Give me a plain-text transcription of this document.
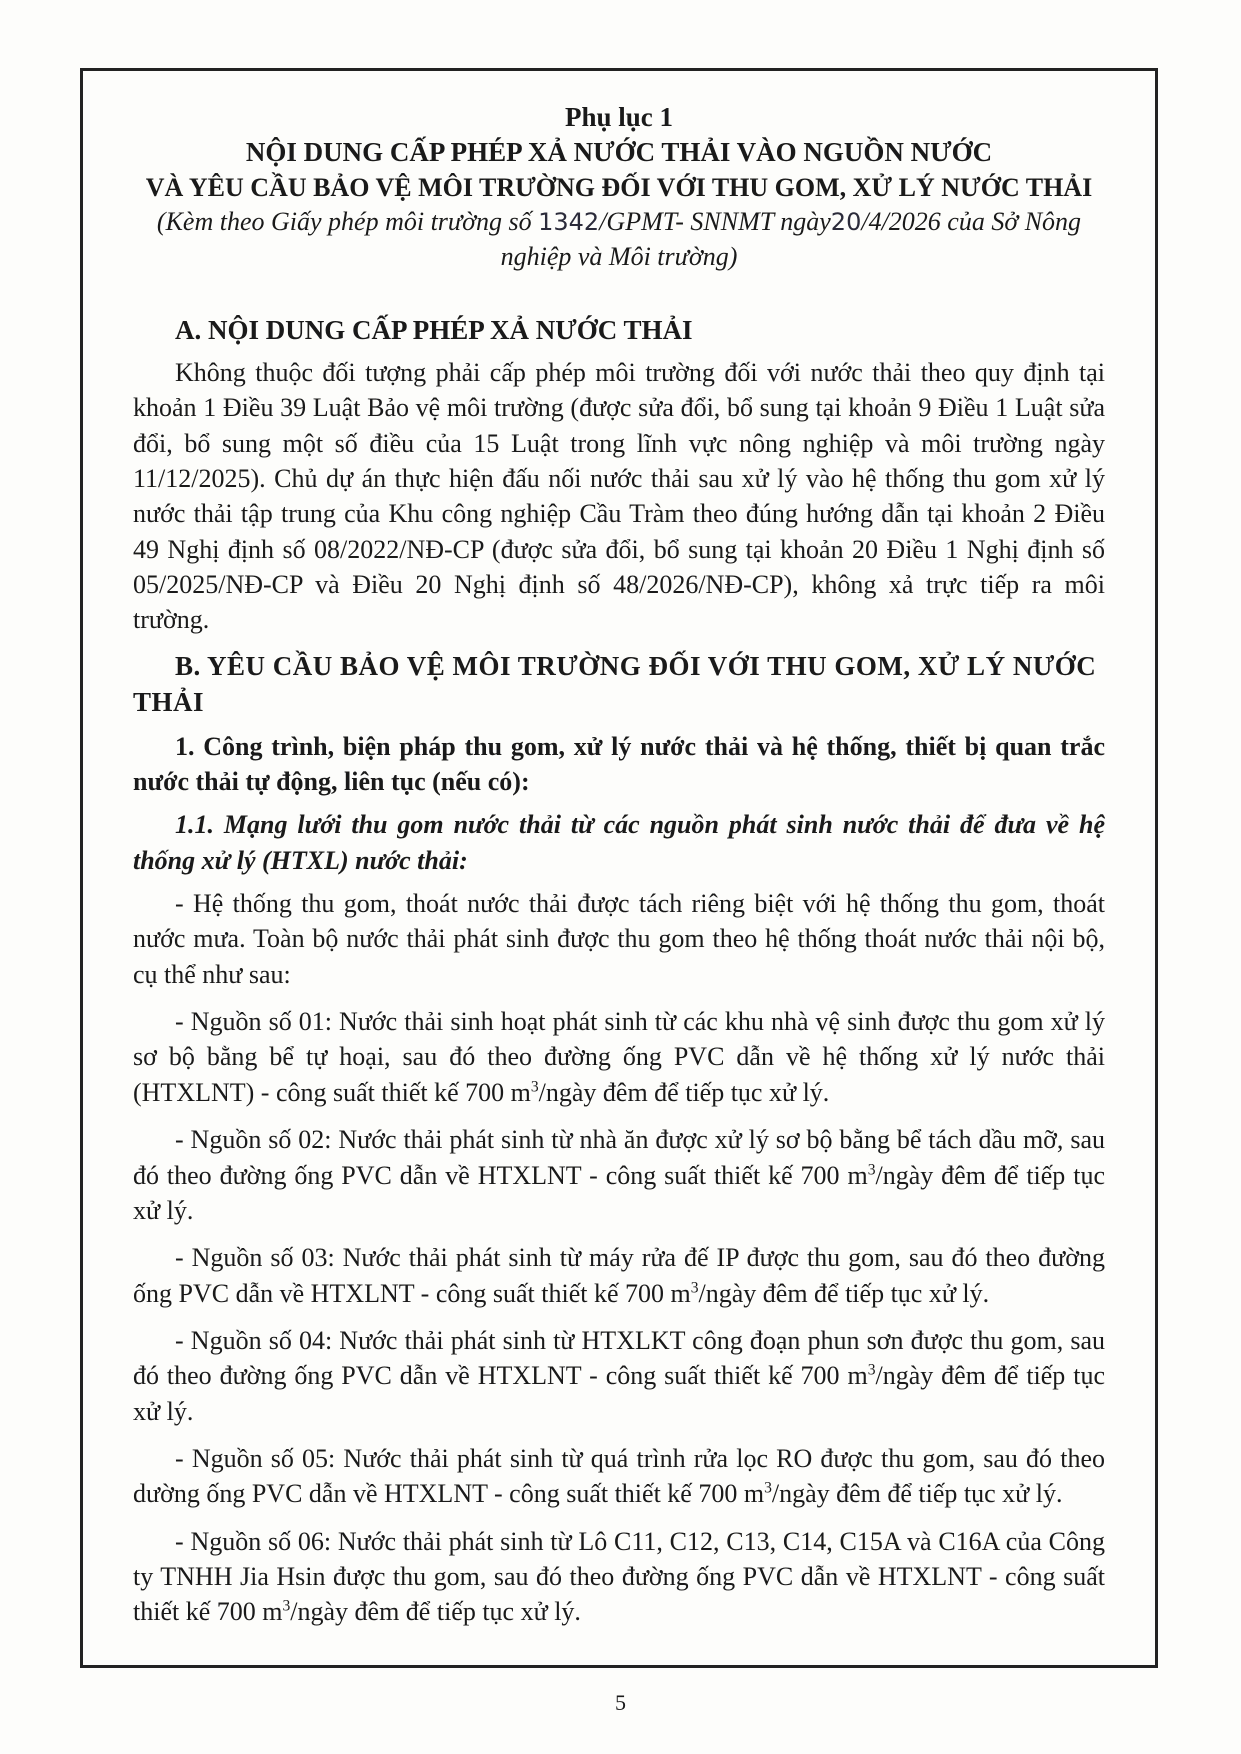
Phụ lục 1

NỘI DUNG CẤP PHÉP XẢ NƯỚC THẢI VÀO NGUỒN NƯỚC

VÀ YÊU CẦU BẢO VỆ MÔI TRƯỜNG ĐỐI VỚI THU GOM, XỬ LÝ NƯỚC THẢI

(Kèm theo Giấy phép môi trường số 1342/GPMT- SNNMT ngày20/4/2026 của Sở Nông nghiệp và Môi trường)

A. NỘI DUNG CẤP PHÉP XẢ NƯỚC THẢI

Không thuộc đối tượng phải cấp phép môi trường đối với nước thải theo quy định tại khoản 1 Điều 39 Luật Bảo vệ môi trường (được sửa đổi, bổ sung tại khoản 9 Điều 1 Luật sửa đổi, bổ sung một số điều của 15 Luật trong lĩnh vực nông nghiệp và môi trường ngày 11/12/2025). Chủ dự án thực hiện đấu nối nước thải sau xử lý vào hệ thống thu gom xử lý nước thải tập trung của Khu công nghiệp Cầu Tràm theo đúng hướng dẫn tại khoản 2 Điều 49 Nghị định số 08/2022/NĐ-CP (được sửa đổi, bổ sung tại khoản 20 Điều 1 Nghị định số 05/2025/NĐ-CP và Điều 20 Nghị định số 48/2026/NĐ-CP), không xả trực tiếp ra môi trường.

B. YÊU CẦU BẢO VỆ MÔI TRƯỜNG ĐỐI VỚI THU GOM, XỬ LÝ NƯỚC THẢI

1. Công trình, biện pháp thu gom, xử lý nước thải và hệ thống, thiết bị quan trắc nước thải tự động, liên tục (nếu có):

1.1. Mạng lưới thu gom nước thải từ các nguồn phát sinh nước thải để đưa về hệ thống xử lý (HTXL) nước thải:

- Hệ thống thu gom, thoát nước thải được tách riêng biệt với hệ thống thu gom, thoát nước mưa. Toàn bộ nước thải phát sinh được thu gom theo hệ thống thoát nước thải nội bộ, cụ thể như sau:

- Nguồn số 01: Nước thải sinh hoạt phát sinh từ các khu nhà vệ sinh được thu gom xử lý sơ bộ bằng bể tự hoại, sau đó theo đường ống PVC dẫn về hệ thống xử lý nước thải (HTXLNT) - công suất thiết kế 700 $m^3$/ngày đêm để tiếp tục xử lý.

- Nguồn số 02: Nước thải phát sinh từ nhà ăn được xử lý sơ bộ bằng bể tách dầu mỡ, sau đó theo đường ống PVC dẫn về HTXLNT - công suất thiết kế 700 $m^3$/ngày đêm để tiếp tục xử lý.

- Nguồn số 03: Nước thải phát sinh từ máy rửa đế IP được thu gom, sau đó theo đường ống PVC dẫn về HTXLNT - công suất thiết kế 700 $m^3$/ngày đêm để tiếp tục xử lý.

- Nguồn số 04: Nước thải phát sinh từ HTXLKT công đoạn phun sơn được thu gom, sau đó theo đường ống PVC dẫn về HTXLNT - công suất thiết kế 700 $m^3$/ngày đêm để tiếp tục xử lý.

- Nguồn số 05: Nước thải phát sinh từ quá trình rửa lọc RO được thu gom, sau đó theo dường ống PVC dẫn về HTXLNT - công suất thiết kế 700 $m^3$/ngày đêm để tiếp tục xử lý.

- Nguồn số 06: Nước thải phát sinh từ Lô C11, C12, C13, C14, C15A và C16A của Công ty TNHH Jia Hsin được thu gom, sau đó theo đường ống PVC dẫn về HTXLNT - công suất thiết kế 700 $m^3$/ngày đêm để tiếp tục xử lý.

5
